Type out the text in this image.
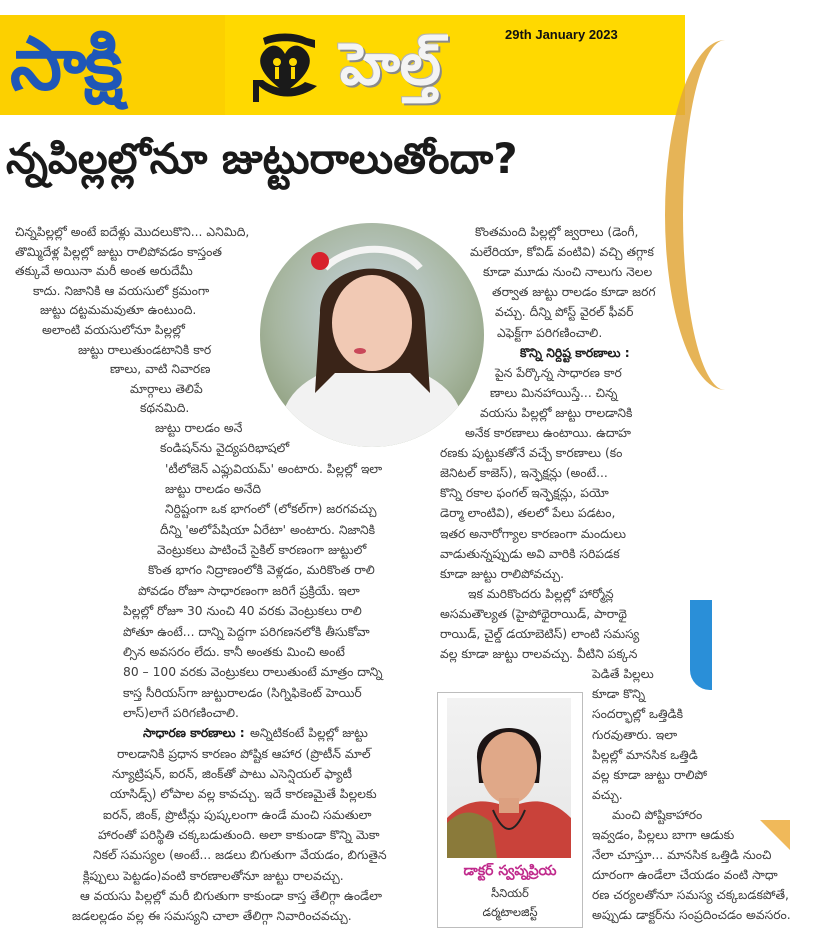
సాక్షి	హెల్త్	29th January 2023
న్నపిల్లల్లోనూ జుట్టురాలుతోందా?
చిన్నపిల్లల్లో అంటే ఐదేళ్లు మొదలుకొని... ఎనిమిది,
తొమ్మిదేళ్ల పిల్లల్లో జుట్టు రాలిపోవడం కాస్తంత
తక్కువే అయినా మరీ అంత అరుదేమీ
కాదు. నిజానికి ఆ వయసులో క్రమంగా
జుట్టు దట్టమమవుతూ ఉంటుంది.
అలాంటి వయసులోనూ పిల్లల్లో
జుట్టు రాలుతుండటానికి కార
ణాలు, వాటి నివారణ
మార్గాలు తెలిపే
కథనమిది.
జుట్టు రాలడం అనే
కండిషన్‌ను వైద్యపరిభాషలో
'టీలోజెన్ ఎఫ్లువియమ్' అంటారు. పిల్లల్లో ఇలా
జుట్టు రాలడం అనేది
నిర్దిష్టంగా ఒక భాగంలో (లోకల్‌గా) జరగవచ్చు
దీన్ని 'అలోపేషియా ఏరేటా' అంటారు. నిజానికి
వెంట్రుకలు పాటించే సైకిల్ కారణంగా జుట్టులో
కొంత భాగం నిద్రాణంలోకి వెళ్లడం, మరికొంత రాలి
పోవడం రోజూ సాధారణంగా జరిగే ప్రక్రియే. ఇలా
పిల్లల్లో రోజూ 30 నుంచి 40 వరకు వెంట్రుకలు రాలి
పోతూ ఉంటే... దాన్ని పెద్దగా పరిగణనలోకి తీసుకోవా
ల్సిన అవసరం లేదు. కానీ అంతకు మించి అంటే
80 – 100 వరకు వెంట్రుకలు రాలుతుంటే మాత్రం దాన్ని
కాస్త సీరియస్‌గా జుట్టురాలడం (సిగ్నిఫికెంట్ హెయిర్
లాస్)లాగే పరిగణించాలి.
అన్నిటికంటే పిల్లల్లో జుట్టు
రాలడానికి ప్రధాన కారణం పోష్టిక ఆహార (ప్రొటీన్ మాల్
న్యూట్రిషన్, ఐరన్, జింక్‌తో పాటు ఎసెన్షియల్ ఫ్యాటీ
యాసిడ్స్) లోపాల వల్ల కావచ్చు. ఇదే కారణమైతే పిల్లలకు
ఐరన్, జింక్, ప్రొటీన్లు పుష్కలంగా ఉండే మంచి సమతులా
హారంతో పరిస్థితి చక్కబడుతుంది. అలా కాకుండా కొన్ని మెకా
నికల్ సమస్యల (అంటే... జడలు బిగుతుగా వేయడం, బిగుతైన
క్లిప్పులు పెట్టడం)వంటి కారణాలతోనూ జుట్టు రాలవచ్చు.
ఆ వయసు పిల్లల్లో మరీ బిగుతుగా కాకుండా కాస్త తేలిగ్గా ఉండేలా
జడలల్లడం వల్ల ఈ సమస్యని చాలా తేలిగ్గా నివారించవచ్చు.
కొంతమంది పిల్లల్లో జ్వరాలు (డెంగీ,
మలేరియా, కోవిడ్ వంటివి) వచ్చి తగ్గాక
కూడా మూడు నుంచి నాలుగు నెలల
తర్వాత జుట్టు రాలడం కూడా జరగ
వచ్చు. దీన్ని పోస్ట్ వైరల్ ఫీవర్
ఎఫెక్ట్‌గా పరిగణించాలి.
పైన పేర్కొన్న సాధారణ కార
ణాలు మినహాయిస్తే... చిన్న
వయసు పిల్లల్లో జుట్టు రాలడానికి
అనేక కారణాలు ఉంటాయి. ఉదాహ
రణకు పుట్టుకతోనే వచ్చే కారణాలు (కం
జెనిటల్ కాజెస్), ఇన్ఫెక్షన్లు (అంటే...
కొన్ని రకాల ఫంగల్ ఇన్ఫెక్షన్లు, పయో
డెర్మా లాంటివి), తలలో పేలు పడటం,
ఇతర అనారోగ్యాల కారణంగా మందులు
వాడుతున్నప్పుడు అవి వారికి సరిపడక
కూడా జుట్టు రాలిపోవచ్చు.
ఇక మరికొందరు పిల్లల్లో హార్మోన్ల
అసమతౌల్యత (హైపోథైరాయిడ్, పారాథై
రాయిడ్, చైల్డ్ డయాబెటిస్) లాంటి సమస్య
వల్ల కూడా జుట్టు రాలవచ్చు. వీటిని పక్కన
పెడితే పిల్లలు
కూడా కొన్ని
సందర్భాల్లో ఒత్తిడికి
గురవుతారు. ఇలా
పిల్లల్లో మానసిక ఒత్తిడి
వల్ల కూడా జుట్టు రాలిపో
వచ్చు.
మంచి పోష్టికాహారం
ఇవ్వడం, పిల్లలు బాగా ఆడుకు
నేలా చూస్తూ... మానసిక ఒత్తిడి నుంచి
దూరంగా ఉండేలా చేయడం వంటి సాధా
రణ చర్యలతోనూ సమస్య చక్కబడకపోతే,
అప్పుడు డాక్టర్‌ను సంప్రదించడం అవసరం.
డాక్టర్ స్వప్నప్రియ
సీనియర్
డర్మటాలజిస్ట్
సాధారణ కారణాలు :
కొన్ని నిర్దిష్ట కారణాలు :
